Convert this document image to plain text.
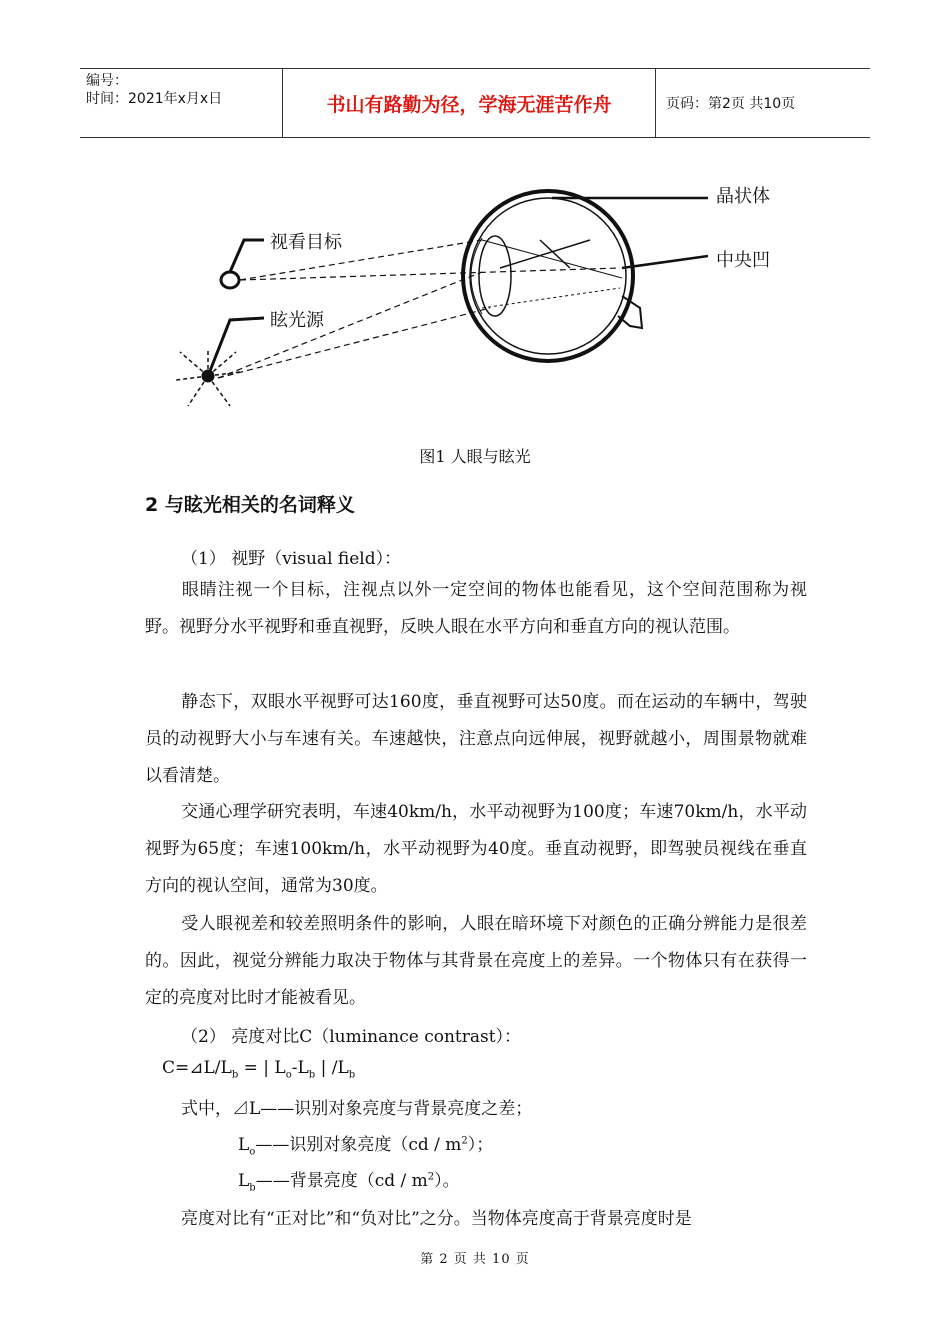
编号：
时间：2021年x月x日	书山有路勤为径，学海无涯苦作舟	页码：第2页 共10页
视看目标
眩光源
晶状体
中央凹
图1 人眼与眩光
2 与眩光相关的名词释义
（1） 视野（visual field）：
眼睛注视一个目标，注视点以外一定空间的物体也能看见，这个空间范围称为视野。视野分水平视野和垂直视野，反映人眼在水平方向和垂直方向的视认范围。
静态下，双眼水平视野可达160度，垂直视野可达50度。而在运动的车辆中，驾驶员的动视野大小与车速有关。车速越快，注意点向远伸展，视野就越小，周围景物就难以看清楚。
交通心理学研究表明，车速40km/h，水平动视野为100度；车速70km/h，水平动视野为65度；车速100km/h，水平动视野为40度。垂直动视野，即驾驶员视线在垂直方向的视认空间，通常为30度。
受人眼视差和较差照明条件的影响，人眼在暗环境下对颜色的正确分辨能力是很差的。因此，视觉分辨能力取决于物体与其背景在亮度上的差异。一个物体只有在获得一定的亮度对比时才能被看见。
（2） 亮度对比C（luminance contrast）：
$C=⊿L/L_b$ = | $L_o-L_b$ | $/L_b$
式中，⊿L——识别对象亮度与背景亮度之差；
$L_o——$识别对象亮度$(cd / m^2)$；
$L_b——$背景亮度$(cd / m^2)$。
亮度对比有“正对比”和“负对比”之分。当物体亮度高于背景亮度时是
第 2 页 共 10 页
